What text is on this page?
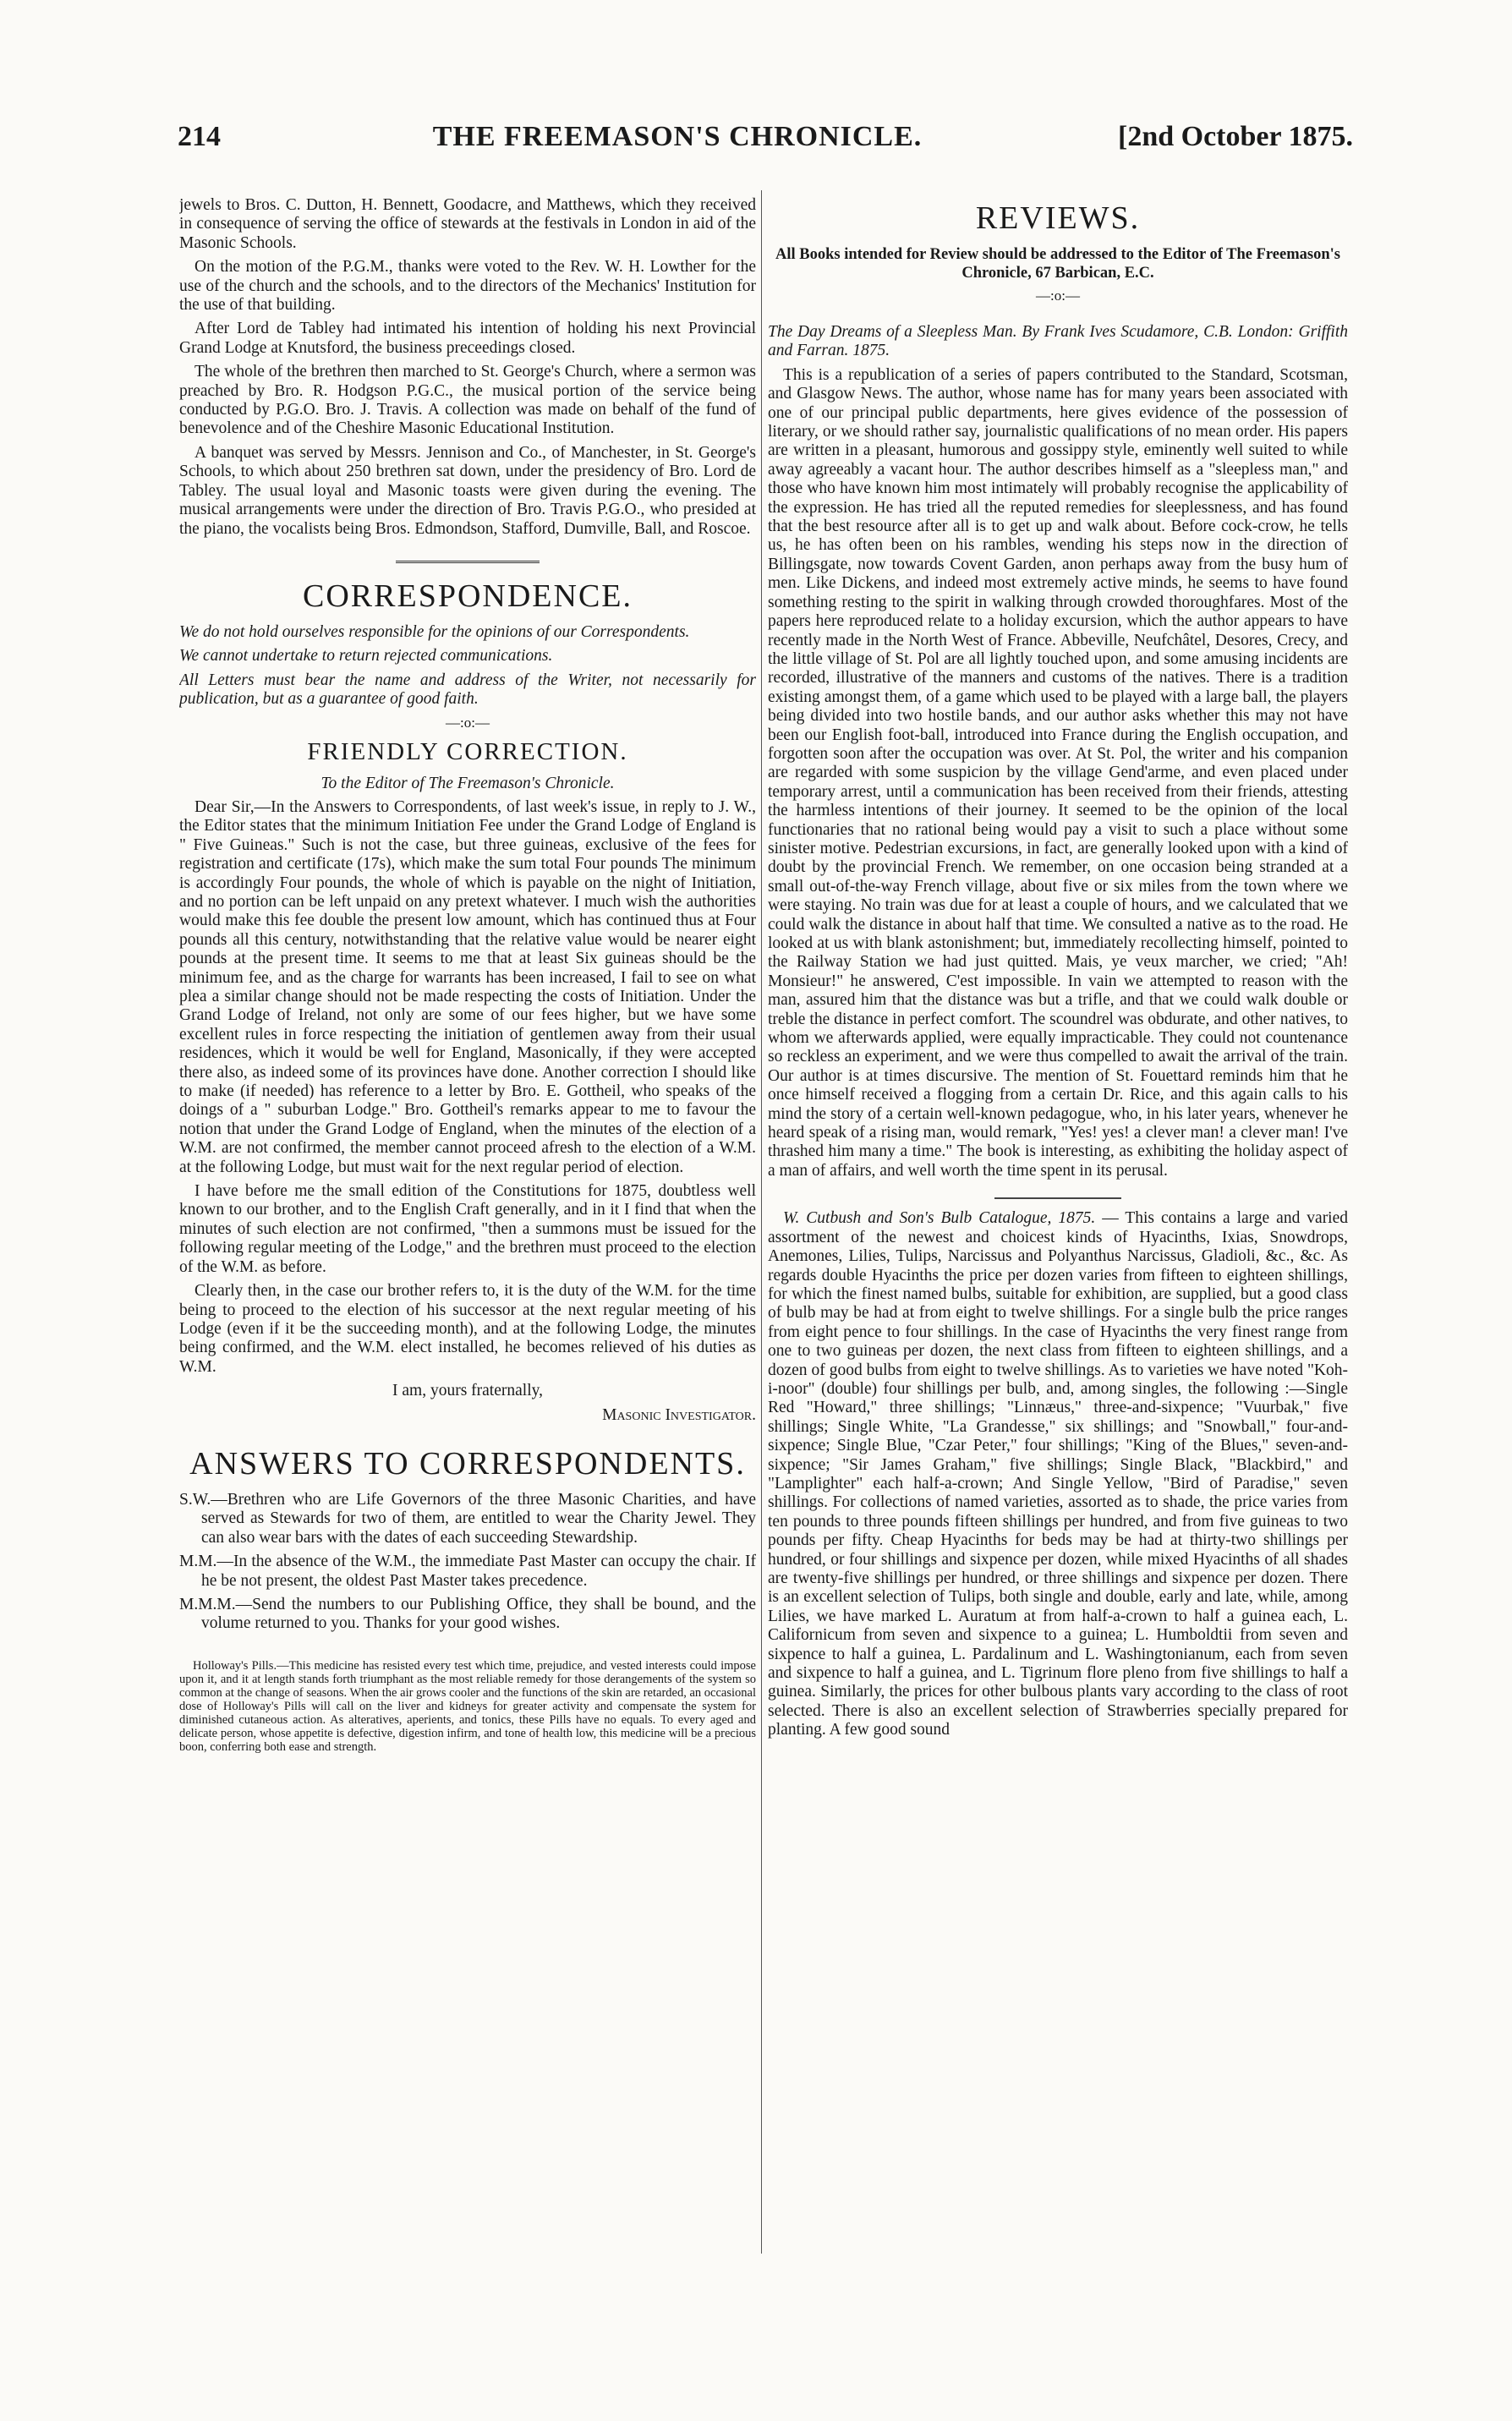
214	THE FREEMASON'S CHRONICLE.	[2nd October 1875.

jewels to Bros. C. Dutton, H. Bennett, Goodacre, and Matthews, which they received in consequence of serving the office of stewards at the festivals in London in aid of the Masonic Schools.

On the motion of the P.G.M., thanks were voted to the Rev. W. H. Lowther for the use of the church and the schools, and to the directors of the Mechanics' Institution for the use of that building.

After Lord de Tabley had intimated his intention of holding his next Provincial Grand Lodge at Knutsford, the business preceedings closed.

The whole of the brethren then marched to St. George's Church, where a sermon was preached by Bro. R. Hodgson P.G.C., the musical portion of the service being conducted by P.G.O. Bro. J. Travis. A collection was made on behalf of the fund of benevolence and of the Cheshire Masonic Educational Institution.

A banquet was served by Messrs. Jennison and Co., of Manchester, in St. George's Schools, to which about 250 brethren sat down, under the presidency of Bro. Lord de Tabley. The usual loyal and Masonic toasts were given during the evening. The musical arrangements were under the direction of Bro. Travis P.G.O., who presided at the piano, the vocalists being Bros. Edmondson, Stafford, Dumville, Ball, and Roscoe.

CORRESPONDENCE.

We do not hold ourselves responsible for the opinions of our Correspondents.

We cannot undertake to return rejected communications.

All Letters must bear the name and address of the Writer, not necessarily for publication, but as a guarantee of good faith.

—:o:—
FRIENDLY CORRECTION.

To the Editor of The Freemason's Chronicle.

Dear Sir,—In the Answers to Correspondents, of last week's issue, in reply to J. W., the Editor states that the minimum Initiation Fee under the Grand Lodge of England is " Five Guineas." Such is not the case, but three guineas, exclusive of the fees for registration and certificate (17s), which make the sum total Four pounds The minimum is accordingly Four pounds, the whole of which is payable on the night of Initiation, and no portion can be left unpaid on any pretext whatever. I much wish the authorities would make this fee double the present low amount, which has continued thus at Four pounds all this century, notwithstanding that the relative value would be nearer eight pounds at the present time. It seems to me that at least Six guineas should be the minimum fee, and as the charge for warrants has been increased, I fail to see on what plea a similar change should not be made respecting the costs of Initiation. Under the Grand Lodge of Ireland, not only are some of our fees higher, but we have some excellent rules in force respecting the initiation of gentlemen away from their usual residences, which it would be well for England, Masonically, if they were accepted there also, as indeed some of its provinces have done. Another correction I should like to make (if needed) has reference to a letter by Bro. E. Gottheil, who speaks of the doings of a " suburban Lodge." Bro. Gottheil's remarks appear to me to favour the notion that under the Grand Lodge of England, when the minutes of the election of a W.M. are not confirmed, the member cannot proceed afresh to the election of a W.M. at the following Lodge, but must wait for the next regular period of election.

I have before me the small edition of the Constitutions for 1875, doubtless well known to our brother, and to the English Craft generally, and in it I find that when the minutes of such election are not confirmed, "then a summons must be issued for the following regular meeting of the Lodge," and the brethren must proceed to the election of the W.M. as before.

Clearly then, in the case our brother refers to, it is the duty of the W.M. for the time being to proceed to the election of his successor at the next regular meeting of his Lodge (even if it be the succeeding month), and at the following Lodge, the minutes being confirmed, and the W.M. elect installed, he becomes relieved of his duties as W.M.

I am, yours fraternally,

Masonic Investigator.

ANSWERS TO CORRESPONDENTS.

S.W.—Brethren who are Life Governors of the three Masonic Charities, and have served as Stewards for two of them, are entitled to wear the Charity Jewel. They can also wear bars with the dates of each succeeding Stewardship.

M.M.—In the absence of the W.M., the immediate Past Master can occupy the chair. If he be not present, the oldest Past Master takes precedence.

M.M.M.—Send the numbers to our Publishing Office, they shall be bound, and the volume returned to you. Thanks for your good wishes.

Holloway's Pills.—This medicine has resisted every test which time, prejudice, and vested interests could impose upon it, and it at length stands forth triumphant as the most reliable remedy for those derangements of the system so common at the change of seasons. When the air grows cooler and the functions of the skin are retarded, an occasional dose of Holloway's Pills will call on the liver and kidneys for greater activity and compensate the system for diminished cutaneous action. As alteratives, aperients, and tonics, these Pills have no equals. To every aged and delicate person, whose appetite is defective, digestion infirm, and tone of health low, this medicine will be a precious boon, conferring both ease and strength.

REVIEWS.

All Books intended for Review should be addressed to the Editor of The Freemason's Chronicle, 67 Barbican, E.C.

—:o:—

The Day Dreams of a Sleepless Man. By Frank Ives Scudamore, C.B. London: Griffith and Farran. 1875.

This is a republication of a series of papers contributed to the Standard, Scotsman, and Glasgow News. The author, whose name has for many years been associated with one of our principal public departments, here gives evidence of the possession of literary, or we should rather say, journalistic qualifications of no mean order. His papers are written in a pleasant, humorous and gossippy style, eminently well suited to while away agreeably a vacant hour. The author describes himself as a "sleepless man," and those who have known him most intimately will probably recognise the applicability of the expression. He has tried all the reputed remedies for sleeplessness, and has found that the best resource after all is to get up and walk about. Before cock-crow, he tells us, he has often been on his rambles, wending his steps now in the direction of Billingsgate, now towards Covent Garden, anon perhaps away from the busy hum of men. Like Dickens, and indeed most extremely active minds, he seems to have found something resting to the spirit in walking through crowded thoroughfares. Most of the papers here reproduced relate to a holiday excursion, which the author appears to have recently made in the North West of France. Abbeville, Neufchâtel, Desores, Crecy, and the little village of St. Pol are all lightly touched upon, and some amusing incidents are recorded, illustrative of the manners and customs of the natives. There is a tradition existing amongst them, of a game which used to be played with a large ball, the players being divided into two hostile bands, and our author asks whether this may not have been our English foot-ball, introduced into France during the English occupation, and forgotten soon after the occupation was over. At St. Pol, the writer and his companion are regarded with some suspicion by the village Gend'arme, and even placed under temporary arrest, until a communication has been received from their friends, attesting the harmless intentions of their journey. It seemed to be the opinion of the local functionaries that no rational being would pay a visit to such a place without some sinister motive. Pedestrian excursions, in fact, are generally looked upon with a kind of doubt by the provincial French. We remember, on one occasion being stranded at a small out-of-the-way French village, about five or six miles from the town where we were staying. No train was due for at least a couple of hours, and we calculated that we could walk the distance in about half that time. We consulted a native as to the road. He looked at us with blank astonishment; but, immediately recollecting himself, pointed to the Railway Station we had just quitted. Mais, ye veux marcher, we cried; "Ah! Monsieur!" he answered, C'est impossible. In vain we attempted to reason with the man, assured him that the distance was but a trifle, and that we could walk double or treble the distance in perfect comfort. The scoundrel was obdurate, and other natives, to whom we afterwards applied, were equally impracticable. They could not countenance so reckless an experiment, and we were thus compelled to await the arrival of the train. Our author is at times discursive. The mention of St. Fouettard reminds him that he once himself received a flogging from a certain Dr. Rice, and this again calls to his mind the story of a certain well-known pedagogue, who, in his later years, whenever he heard speak of a rising man, would remark, "Yes! yes! a clever man! a clever man! I've thrashed him many a time." The book is interesting, as exhibiting the holiday aspect of a man of affairs, and well worth the time spent in its perusal.

W. Cutbush and Son's Bulb Catalogue, 1875. — This contains a large and varied assortment of the newest and choicest kinds of Hyacinths, Ixias, Snowdrops, Anemones, Lilies, Tulips, Narcissus and Polyanthus Narcissus, Gladioli, &c., &c. As regards double Hyacinths the price per dozen varies from fifteen to eighteen shillings, for which the finest named bulbs, suitable for exhibition, are supplied, but a good class of bulb may be had at from eight to twelve shillings. For a single bulb the price ranges from eight pence to four shillings. In the case of Hyacinths the very finest range from one to two guineas per dozen, the next class from fifteen to eighteen shillings, and a dozen of good bulbs from eight to twelve shillings. As to varieties we have noted "Koh-i-noor" (double) four shillings per bulb, and, among singles, the following :—Single Red "Howard," three shillings; "Linnæus," three-and-sixpence; "Vuurbak," five shillings; Single White, "La Grandesse," six shillings; and "Snowball," four-and-sixpence; Single Blue, "Czar Peter," four shillings; "King of the Blues," seven-and-sixpence; "Sir James Graham," five shillings; Single Black, "Blackbird," and "Lamplighter" each half-a-crown; And Single Yellow, "Bird of Paradise," seven shillings. For collections of named varieties, assorted as to shade, the price varies from ten pounds to three pounds fifteen shillings per hundred, and from five guineas to two pounds per fifty. Cheap Hyacinths for beds may be had at thirty-two shillings per hundred, or four shillings and sixpence per dozen, while mixed Hyacinths of all shades are twenty-five shillings per hundred, or three shillings and sixpence per dozen. There is an excellent selection of Tulips, both single and double, early and late, while, among Lilies, we have marked L. Auratum at from half-a-crown to half a guinea each, L. Californicum from seven and sixpence to a guinea; L. Humboldtii from seven and sixpence to half a guinea, L. Pardalinum and L. Washingtonianum, each from seven and sixpence to half a guinea, and L. Tigrinum flore pleno from five shillings to half a guinea. Similarly, the prices for other bulbous plants vary according to the class of root selected. There is also an excellent selection of Strawberries specially prepared for planting. A few good sound
